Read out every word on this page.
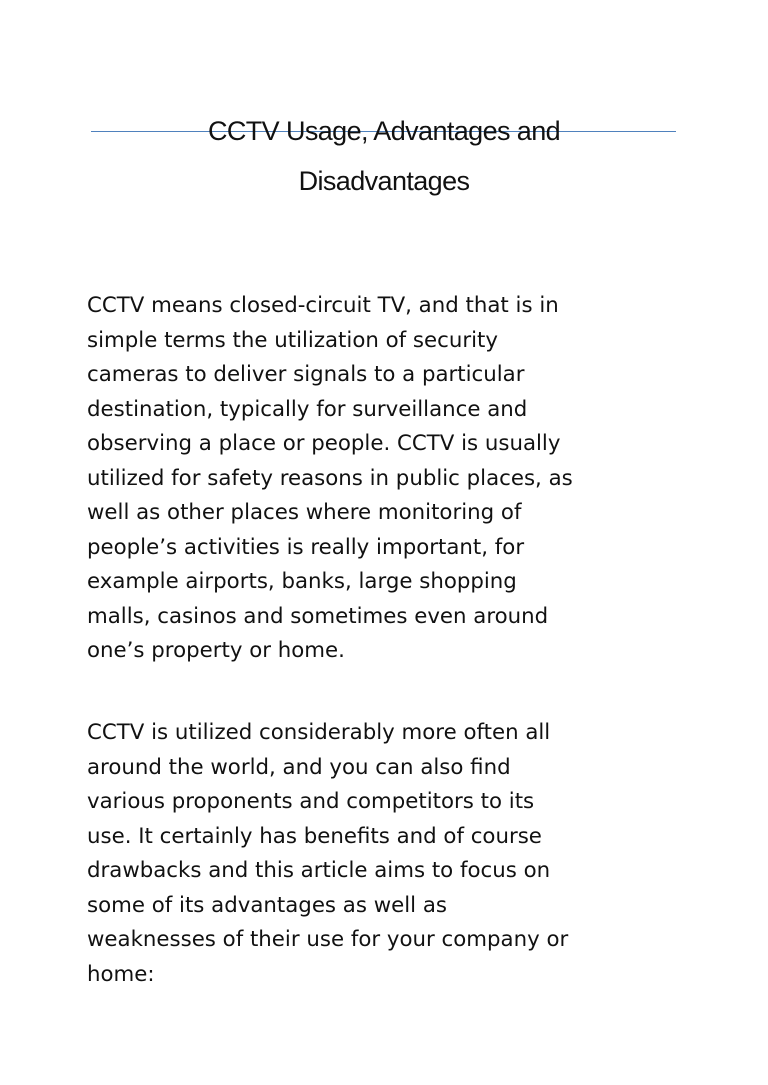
CCTV Usage, Advantages and
Disadvantages
CCTV means closed-circuit TV, and that is in
simple terms the utilization of security
cameras to deliver signals to a particular
destination, typically for surveillance and
observing a place or people. CCTV is usually
utilized for safety reasons in public places, as
well as other places where monitoring of
people’s activities is really important, for
example airports, banks, large shopping
malls, casinos and sometimes even around
one’s property or home.
CCTV is utilized considerably more often all
around the world, and you can also find
various proponents and competitors to its
use. It certainly has benefits and of course
drawbacks and this article aims to focus on
some of its advantages as well as
weaknesses of their use for your company or
home:
